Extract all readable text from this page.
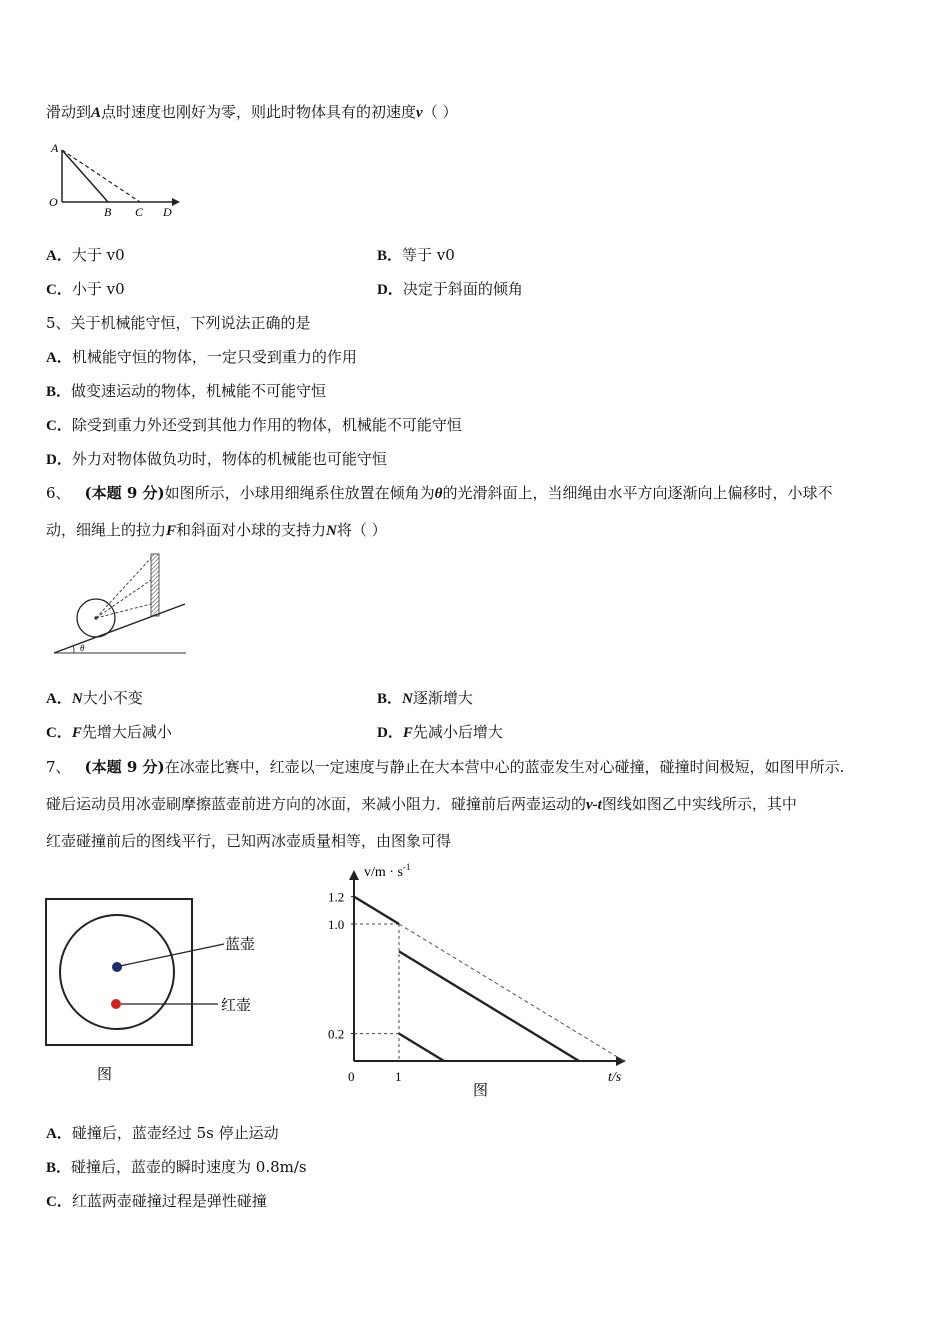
滑动到A点时速度也刚好为零，则此时物体具有的初速度v（ ）
A
O
B C D
A．大于 v0	B．等于 v0
C．小于 v0	D．决定于斜面的倾角
5、关于机械能守恒，下列说法正确的是
A．机械能守恒的物体，一定只受到重力的作用
B．做变速运动的物体，机械能不可能守恒
C．除受到重力外还受到其他力作用的物体，机械能不可能守恒
D．外力对物体做负功时，物体的机械能也可能守恒
6、 (本题 9 分)如图所示，小球用细绳系住放置在倾角为θ的光滑斜面上，当细绳由水平方向逐渐向上偏移时，小球不
动，细绳上的拉力F和斜面对小球的支持力N将（ ）
θ
A．N大小不变	B．N逐渐增大
C．F先增大后减小	D．F先减小后增大
7、 (本题 9 分)在冰壶比赛中，红壶以一定速度与静止在大本营中心的蓝壶发生对心碰撞，碰撞时间极短，如图甲所示.
碰后运动员用冰壶刷摩擦蓝壶前进方向的冰面，来减小阻力．碰撞前后两壶运动的v-t图线如图乙中实线所示，其中
红壶碰撞前后的图线平行，已知两冰壶质量相等，由图象可得
蓝壶
红壶
图
$v/m \cdot s^{-1}$
t/s
图
1.2
1.0
0.2
0	1
A．碰撞后，蓝壶经过 5s 停止运动
B．碰撞后，蓝壶的瞬时速度为 0.8m/s
C．红蓝两壶碰撞过程是弹性碰撞
